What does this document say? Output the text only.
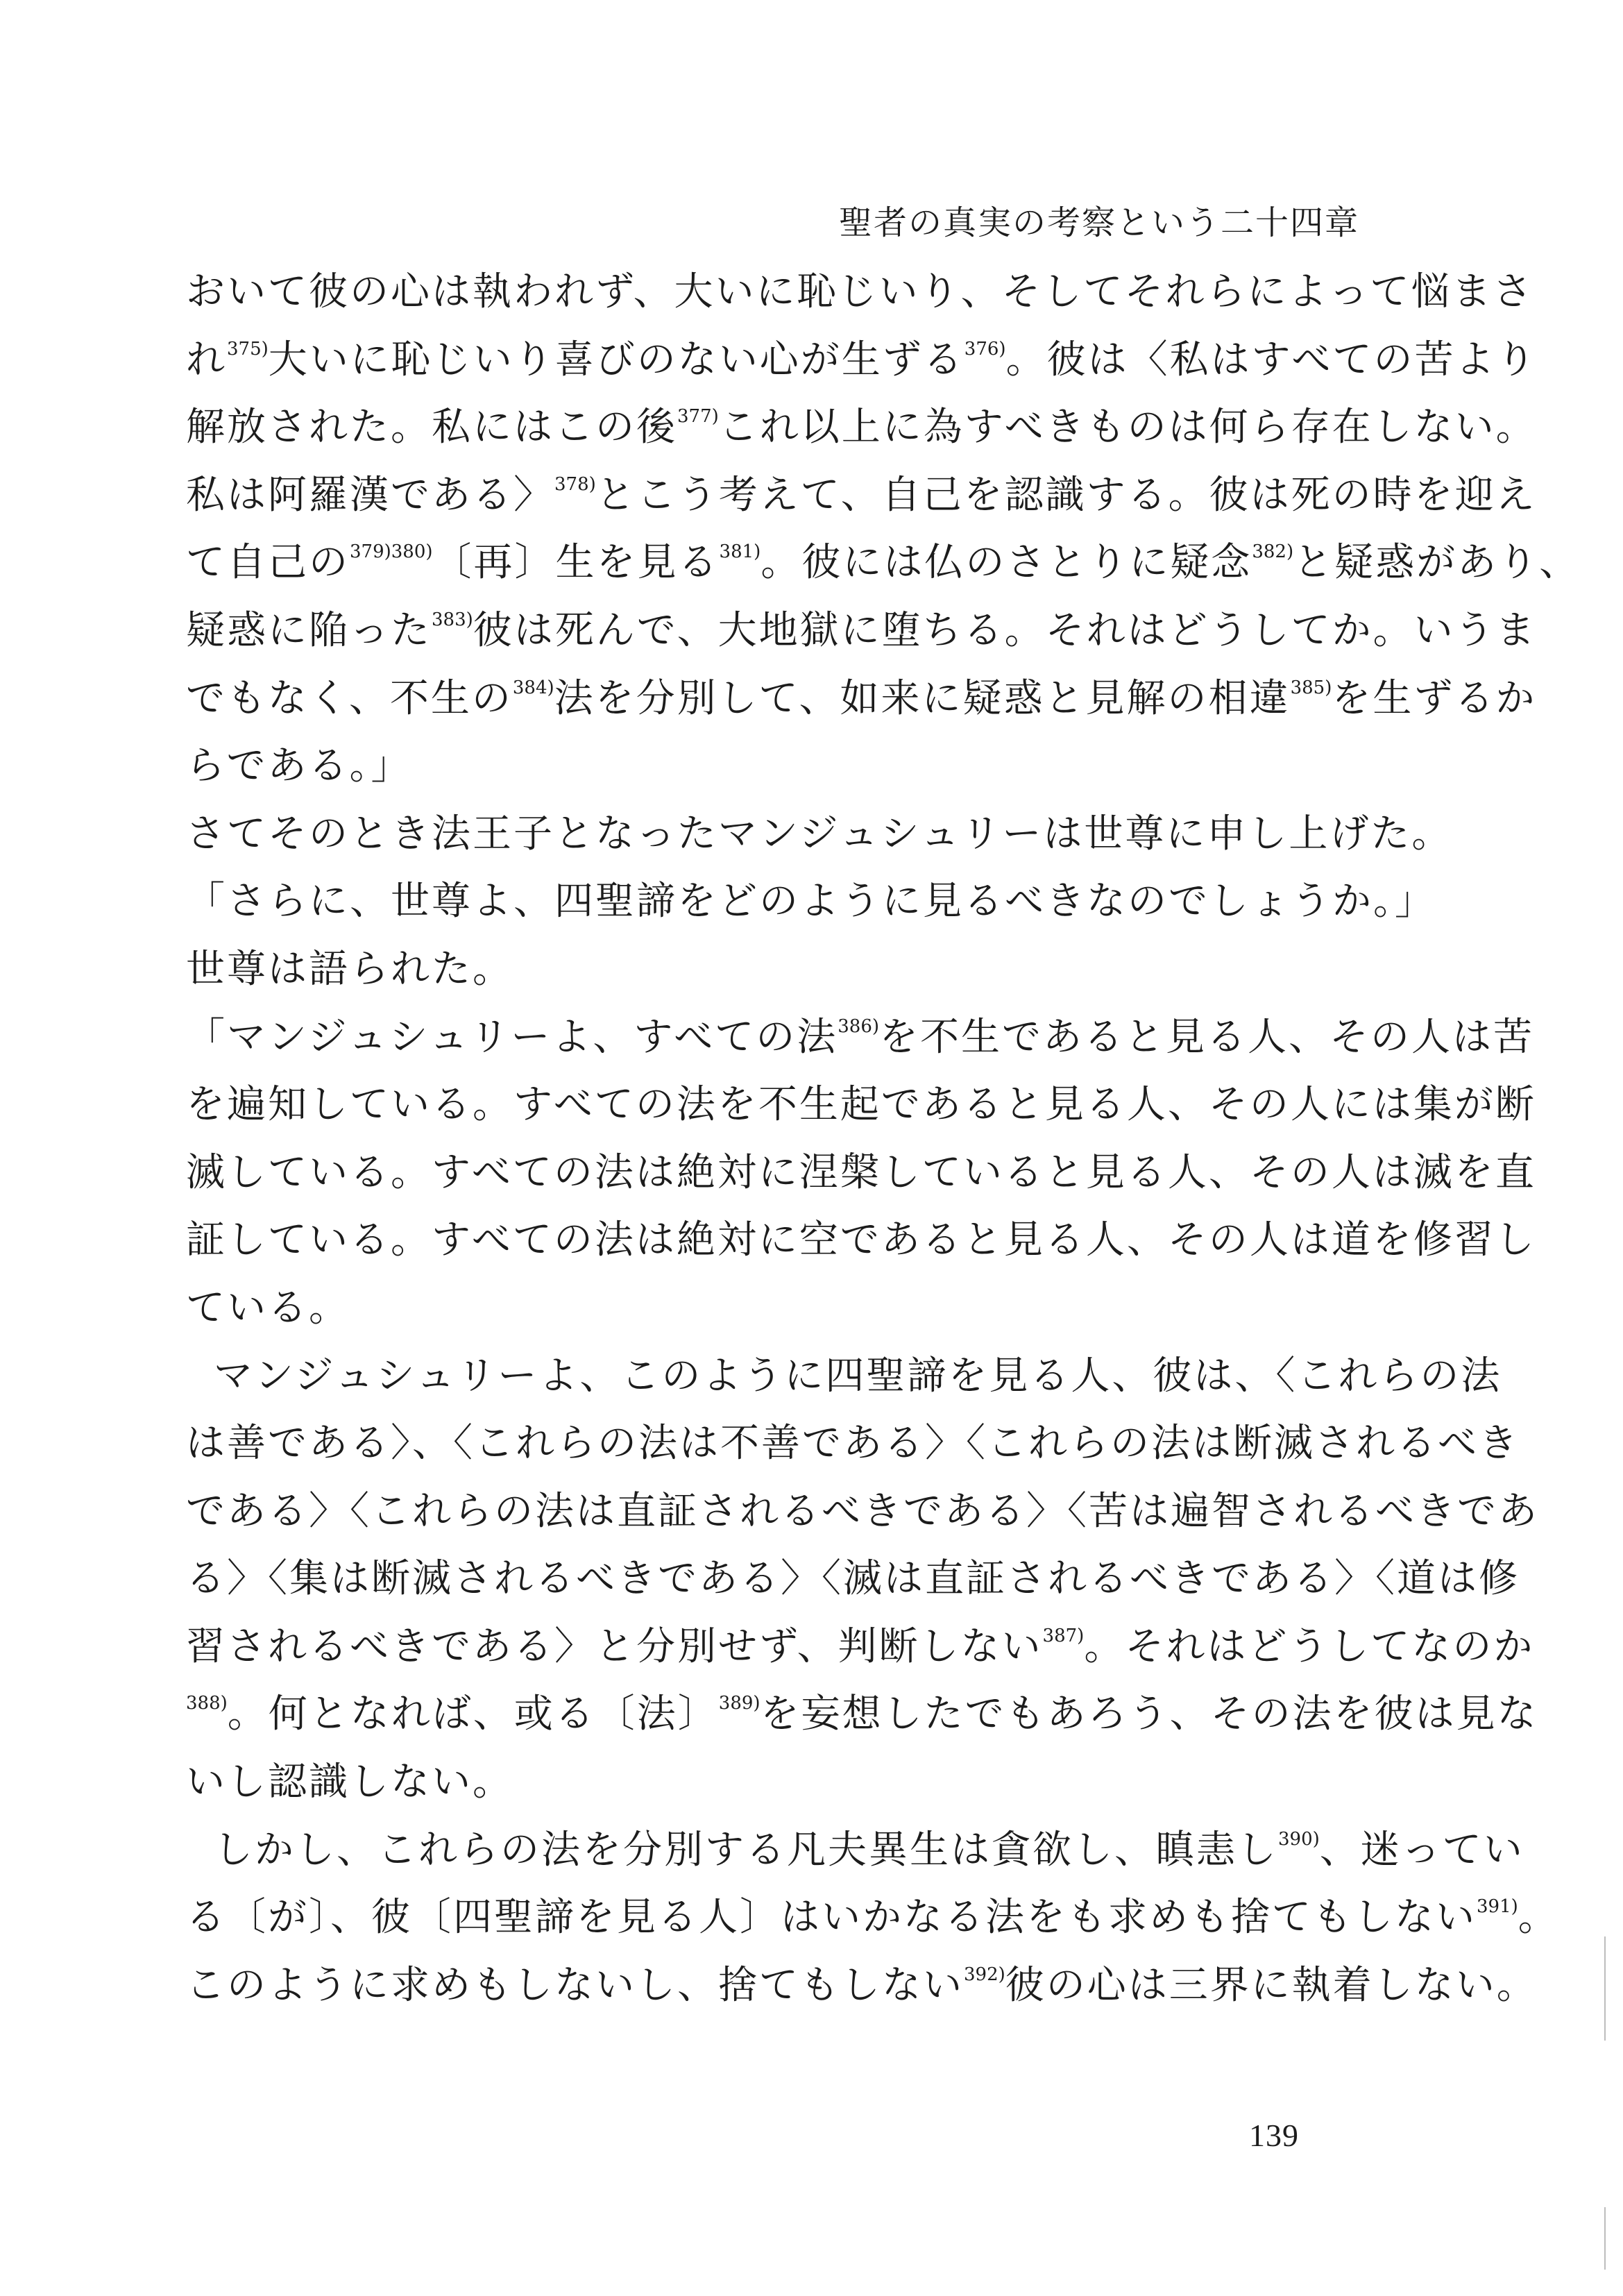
聖者の真実の考察という二十四章
おいて彼の心は執われず、大いに恥じいり、そしてそれらによって悩まさ
れ$^{375)}$大いに恥じいり喜びのない心が生ずる$^{376)}$。彼は〈私はすべての苦より
解放された。私にはこの後$^{377)}$これ以上に為すべきものは何ら存在しない。
私は阿羅漢である〉$^{378)}$とこう考えて、自己を認識する。彼は死の時を迎え
て自己の$^{379)380)}$〔再〕生を見る$^{381)}$。彼には仏のさとりに疑念$^{382)}$と疑惑があり、
疑惑に陥った$^{383)}$彼は死んで、大地獄に堕ちる。それはどうしてか。いうま
でもなく、不生の$^{384)}$法を分別して、如来に疑惑と見解の相違$^{385)}$を生ずるか
らである。」
さてそのとき法王子となったマンジュシュリーは世尊に申し上げた。
「さらに、世尊よ、四聖諦をどのように見るべきなのでしょうか。」
世尊は語られた。
「マンジュシュリーよ、すべての法$^{386)}$を不生であると見る人、その人は苦
を遍知している。すべての法を不生起であると見る人、その人には集が断
滅している。すべての法は絶対に涅槃していると見る人、その人は滅を直
証している。すべての法は絶対に空であると見る人、その人は道を修習し
ている。
マンジュシュリーよ、このように四聖諦を見る人、彼は、〈これらの法
は善である〉、〈これらの法は不善である〉〈これらの法は断滅されるべき
である〉〈これらの法は直証されるべきである〉〈苦は遍智されるべきであ
る〉〈集は断滅されるべきである〉〈滅は直証されるべきである〉〈道は修
習されるべきである〉と分別せず、判断しない$^{387)}$。それはどうしてなのか
$^{388)}$。何となれば、或る〔法〕$^{389)}$を妄想したでもあろう、その法を彼は見な
いし認識しない。
しかし、これらの法を分別する凡夫異生は貪欲し、瞋恚し$^{390)}$、迷ってい
る〔が〕、彼〔四聖諦を見る人〕はいかなる法をも求めも捨てもしない$^{391)}$。
このように求めもしないし、捨てもしない$^{392)}$彼の心は三界に執着しない。
139
